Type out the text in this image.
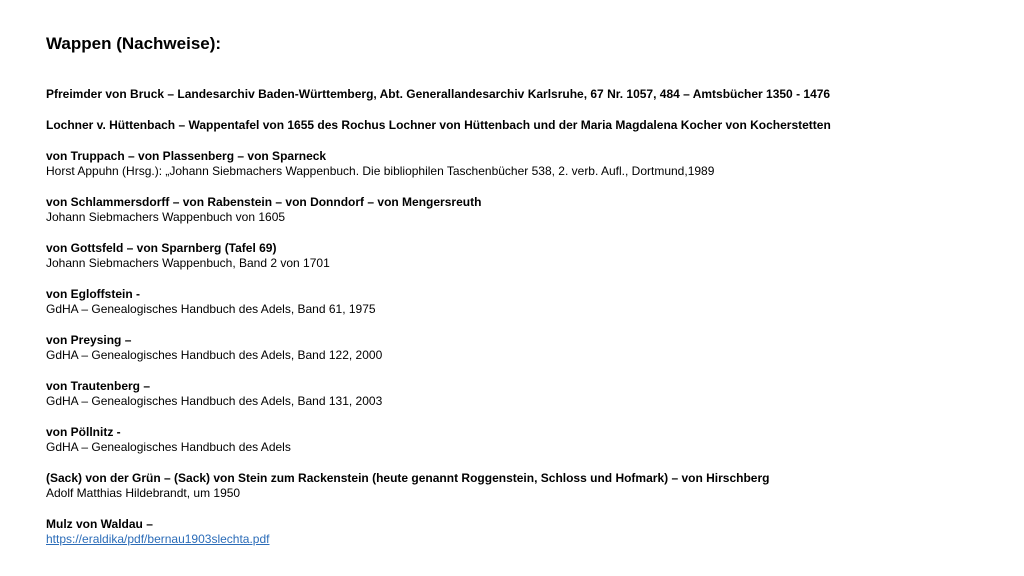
Wappen (Nachweise):
Pfreimder von Bruck – Landesarchiv Baden-Württemberg, Abt. Generallandesarchiv Karlsruhe, 67 Nr. 1057, 484 – Amtsbücher 1350 - 1476
Lochner v. Hüttenbach – Wappentafel von 1655 des Rochus Lochner von Hüttenbach und der Maria Magdalena Kocher von Kocherstetten
von Truppach – von Plassenberg – von Sparneck
Horst Appuhn (Hrsg.): „Johann Siebmachers Wappenbuch. Die bibliophilen Taschenbücher 538, 2. verb. Aufl., Dortmund,1989
von Schlammersdorff – von Rabenstein – von Donndorf – von Mengersreuth
Johann Siebmachers Wappenbuch von 1605
von Gottsfeld – von Sparnberg (Tafel 69)
Johann Siebmachers Wappenbuch, Band 2 von 1701
von Egloffstein -
GdHA – Genealogisches Handbuch des Adels, Band 61, 1975
von Preysing –
GdHA – Genealogisches Handbuch des Adels, Band 122, 2000
von Trautenberg –
GdHA – Genealogisches Handbuch des Adels, Band 131, 2003
von Pöllnitz -
GdHA – Genealogisches Handbuch des Adels
(Sack) von der Grün – (Sack) von Stein zum Rackenstein (heute genannt Roggenstein, Schloss und Hofmark) – von Hirschberg
Adolf Matthias Hildebrandt, um 1950
Mulz von Waldau –
https://eraldika/pdf/bernau1903slechta.pdf
